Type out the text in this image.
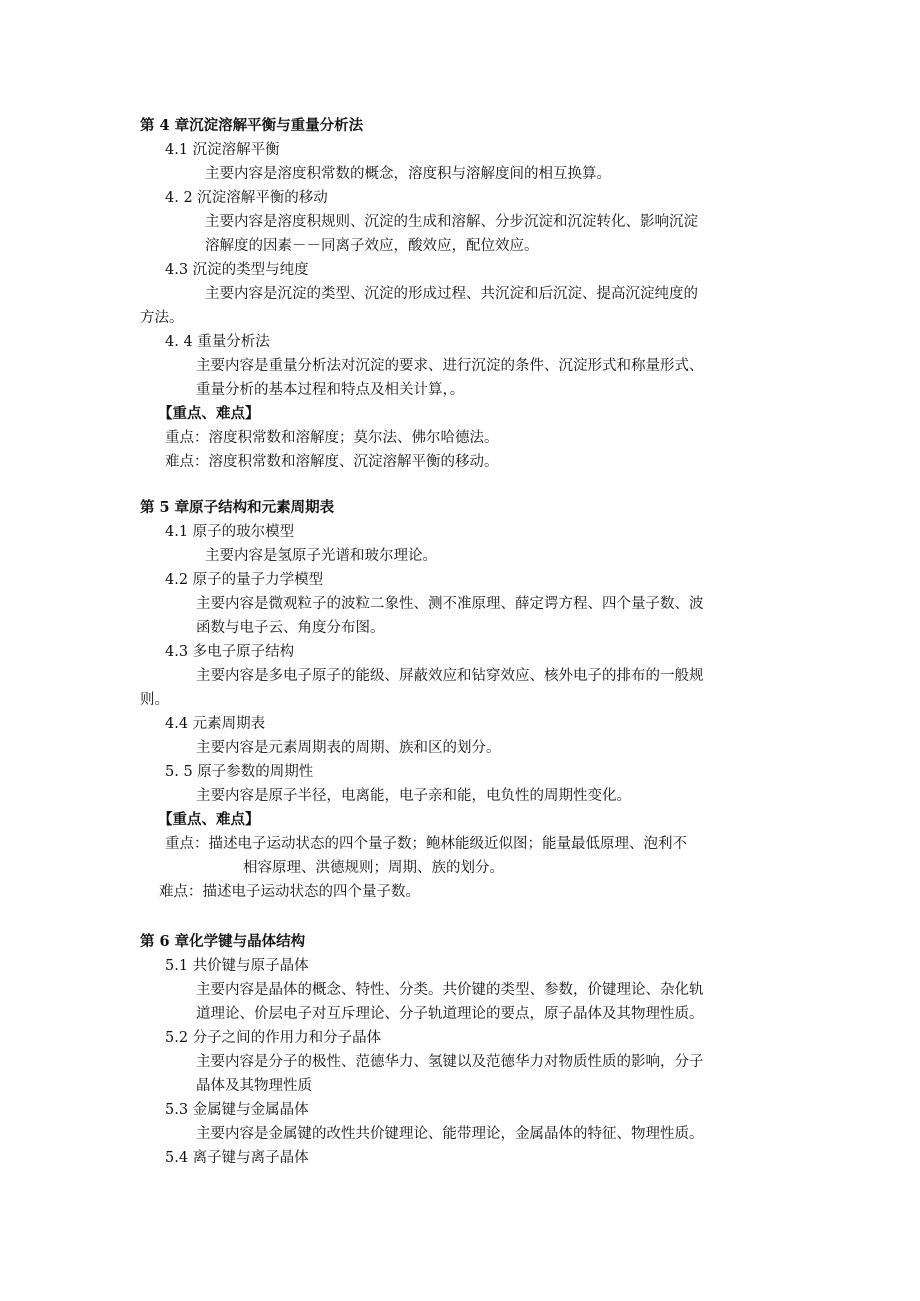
第 4 章沉淀溶解平衡与重量分析法
4.1 沉淀溶解平衡
主要内容是溶度积常数的概念，溶度积与溶解度间的相互换算。
4. 2 沉淀溶解平衡的移动
主要内容是溶度积规则、沉淀的生成和溶解、分步沉淀和沉淀转化、影响沉淀
溶解度的因素－－同离子效应，酸效应，配位效应。
4.3 沉淀的类型与纯度
主要内容是沉淀的类型、沉淀的形成过程、共沉淀和后沉淀、提高沉淀纯度的
方法。
4. 4 重量分析法
主要内容是重量分析法对沉淀的要求、进行沉淀的条件、沉淀形式和称量形式、
重量分析的基本过程和特点及相关计算，。
【重点、难点】
重点：溶度积常数和溶解度；莫尔法、佛尔哈德法。
难点：溶度积常数和溶解度、沉淀溶解平衡的移动。
第 5 章原子结构和元素周期表
4.1 原子的玻尔模型
主要内容是氢原子光谱和玻尔理论。
4.2 原子的量子力学模型
主要内容是微观粒子的波粒二象性、测不准原理、薛定谔方程、四个量子数、波
函数与电子云、角度分布图。
4.3 多电子原子结构
主要内容是多电子原子的能级、屏蔽效应和钻穿效应、核外电子的排布的一般规
则。
4.4 元素周期表
主要内容是元素周期表的周期、族和区的划分。
5. 5 原子参数的周期性
主要内容是原子半径，电离能，电子亲和能，电负性的周期性变化。
【重点、难点】
重点：描述电子运动状态的四个量子数；鲍林能级近似图；能量最低原理、泡利不
相容原理、洪德规则；周期、族的划分。
难点：描述电子运动状态的四个量子数。
第 6 章化学键与晶体结构
5.1 共价键与原子晶体
主要内容是晶体的概念、特性、分类。共价键的类型、参数，价键理论、杂化轨
道理论、价层电子对互斥理论、分子轨道理论的要点，原子晶体及其物理性质。
5.2 分子之间的作用力和分子晶体
主要内容是分子的极性、范德华力、氢键以及范德华力对物质性质的影响，分子
晶体及其物理性质
5.3 金属键与金属晶体
主要内容是金属键的改性共价键理论、能带理论，金属晶体的特征、物理性质。
5.4 离子键与离子晶体
